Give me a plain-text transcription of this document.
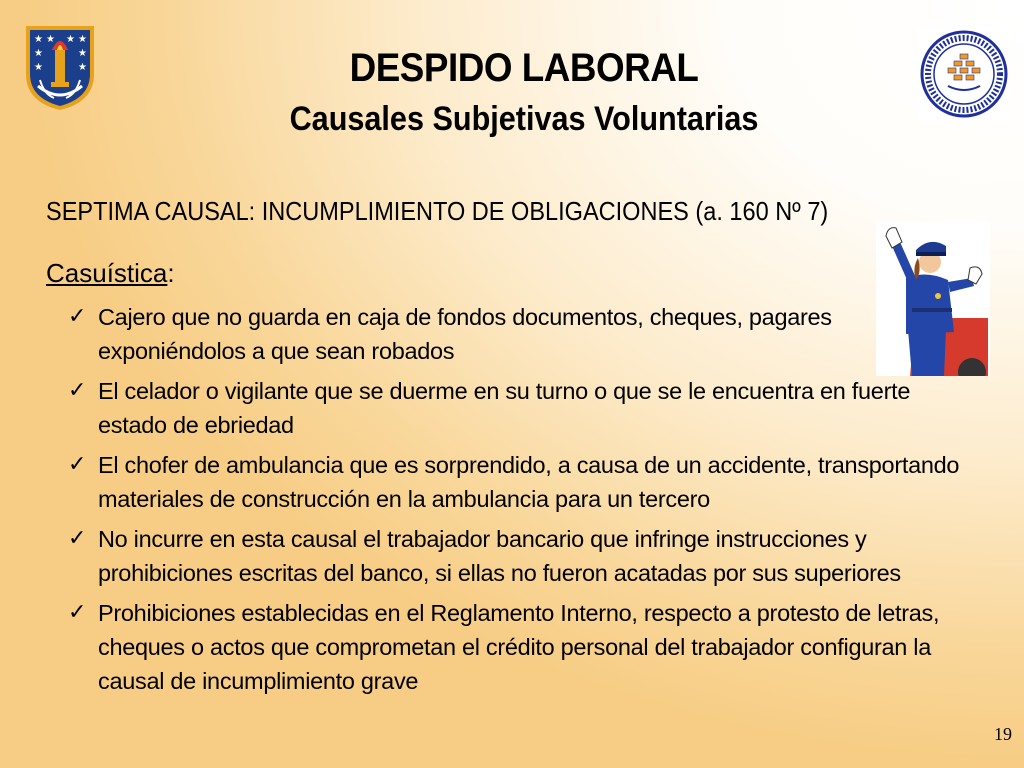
★ ★ ★ ★
★	★
★	★	DESPIDO LABORAL
Causales Subjetivas Voluntarias
SEPTIMA CAUSAL: INCUMPLIMIENTO DE OBLIGACIONES (a. 160 Nº 7)
Casuística:
✓ Cajero que no guarda en caja de fondos documentos, cheques, pagares exponiéndolos a que sean robados
✓ El celador o vigilante que se duerme en su turno o que se le encuentra en fuerte estado de ebriedad
✓ El chofer de ambulancia que es sorprendido, a causa de un accidente, transportando materiales de construcción en la ambulancia para un tercero
✓ No incurre en esta causal el trabajador bancario que infringe instrucciones y prohibiciones escritas del banco, si ellas no fueron acatadas por sus superiores
✓ Prohibiciones establecidas en el Reglamento Interno, respecto a protesto de letras, cheques o actos que comprometan el crédito personal del trabajador configuran la causal de incumplimiento grave
19
